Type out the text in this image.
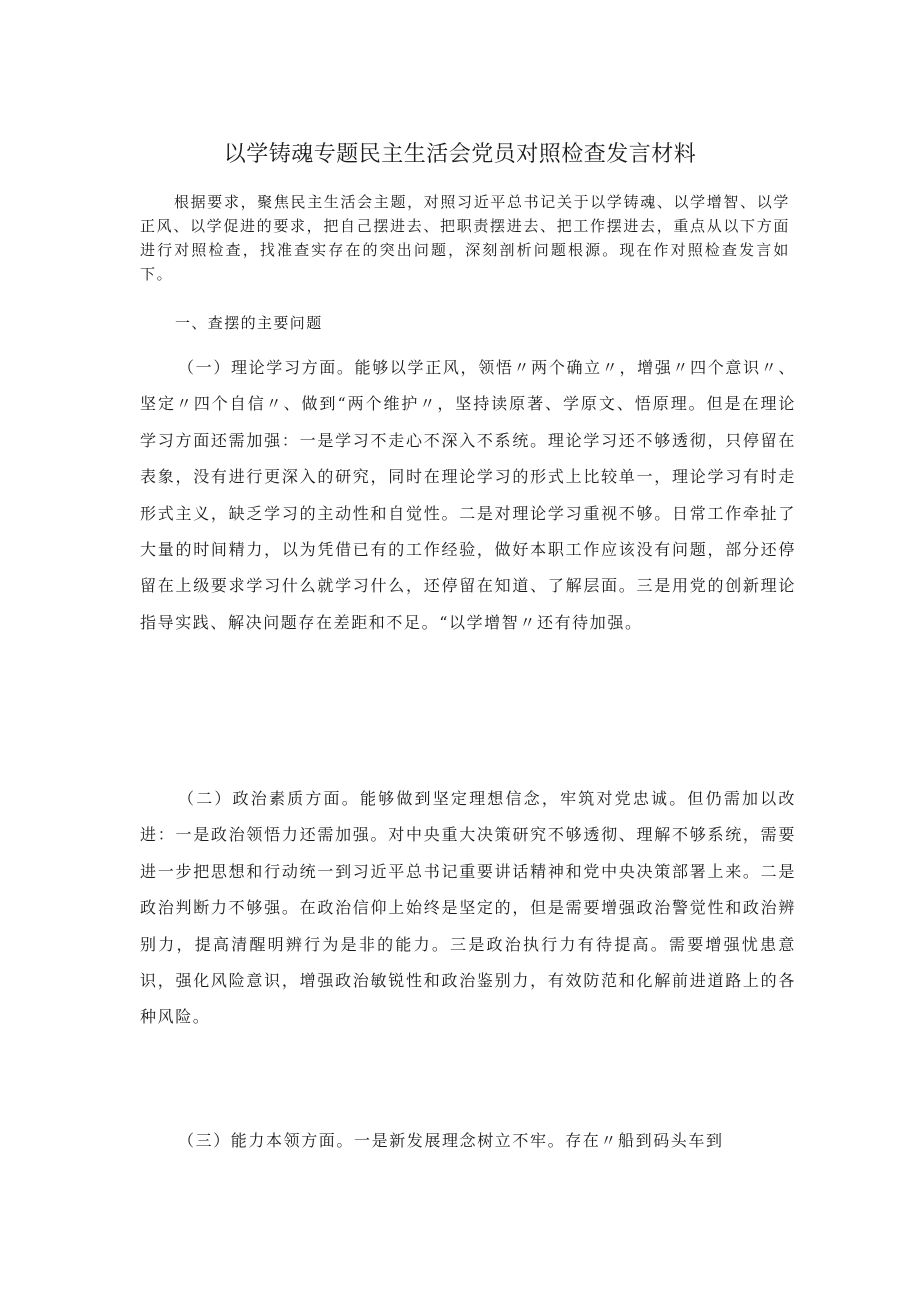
以学铸魂专题民主生活会党员对照检查发言材料

根据要求，聚焦民主生活会主题，对照习近平总书记关于以学铸魂、以学增智、以学正风、以学促进的要求，把自己摆进去、把职责摆进去、把工作摆进去，重点从以下方面进行对照检查，找准查实存在的突出问题，深刻剖析问题根源。现在作对照检查发言如下。

一、查摆的主要问题

（一）理论学习方面。能够以学正风，领悟〃两个确立〃，增强〃四个意识〃、坚定〃四个自信〃、做到“两个维护〃，坚持读原著、学原文、悟原理。但是在理论学习方面还需加强：一是学习不走心不深入不系统。理论学习还不够透彻，只停留在表象，没有进行更深入的研究，同时在理论学习的形式上比较单一，理论学习有时走形式主义，缺乏学习的主动性和自觉性。二是对理论学习重视不够。日常工作牵扯了大量的时间精力，以为凭借已有的工作经验，做好本职工作应该没有问题，部分还停留在上级要求学习什么就学习什么，还停留在知道、了解层面。三是用党的创新理论指导实践、解决问题存在差距和不足。“以学增智〃还有待加强。

（二）政治素质方面。能够做到坚定理想信念，牢筑对党忠诚。但仍需加以改进：一是政治领悟力还需加强。对中央重大决策研究不够透彻、理解不够系统，需要进一步把思想和行动统一到习近平总书记重要讲话精神和党中央决策部署上来。二是政治判断力不够强。在政治信仰上始终是坚定的，但是需要增强政治警觉性和政治辨别力，提高清醒明辨行为是非的能力。三是政治执行力有待提高。需要增强忧患意识，强化风险意识，增强政治敏锐性和政治鉴别力，有效防范和化解前进道路上的各种风险。

（三）能力本领方面。一是新发展理念树立不牢。存在〃船到码头车到
